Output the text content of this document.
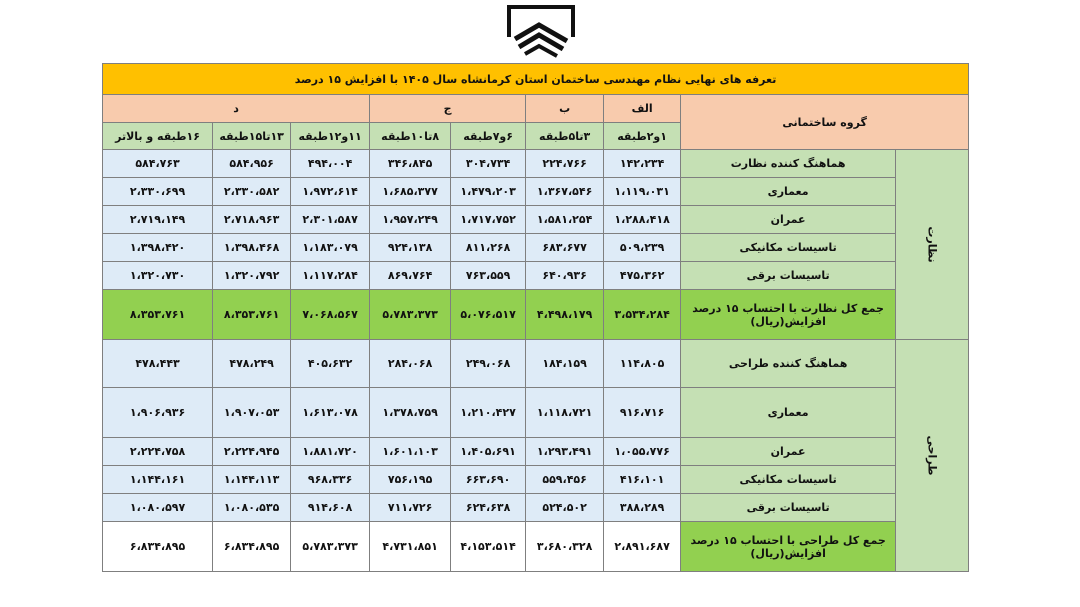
تعرفه های نهایی نظام مهندسی ساختمان استان کرمانشاه سال ۱۴۰۵ با افزایش ۱۵ درصد								
گروه ساختمانی		الف	ب	ج		د		
		۱و۲طبقه	۳تا۵طبقه	۶و۷طبقه	۸تا۱۰طبقه	۱۱و۱۲طبقه	۱۳تا۱۵طبقه	۱۶طبقه و بالاتر
نظارت	هماهنگ کننده نظارت	۱۴۲،۲۳۴	۲۲۴،۷۶۶	۳۰۴،۷۳۴	۳۴۶،۸۴۵	۴۹۴،۰۰۴	۵۸۴،۹۵۶	۵۸۴،۷۶۳
	معماری	۱،۱۱۹،۰۳۱	۱،۳۶۷،۵۴۶	۱،۴۷۹،۲۰۳	۱،۶۸۵،۳۷۷	۱،۹۷۲،۶۱۴	۲،۳۳۰،۵۸۲	۲،۳۳۰،۶۹۹
	عمران	۱،۲۸۸،۴۱۸	۱،۵۸۱،۲۵۴	۱،۷۱۷،۷۵۲	۱،۹۵۷،۲۴۹	۲،۳۰۱،۵۸۷	۲،۷۱۸،۹۶۳	۲،۷۱۹،۱۴۹
	تاسیسات مکانیکی	۵۰۹،۲۳۹	۶۸۳،۶۷۷	۸۱۱،۲۶۸	۹۲۴،۱۳۸	۱،۱۸۳،۰۷۹	۱،۳۹۸،۴۶۸	۱،۳۹۸،۴۲۰
	تاسیسات برقی	۴۷۵،۳۶۲	۶۴۰،۹۳۶	۷۶۳،۵۵۹	۸۶۹،۷۶۴	۱،۱۱۷،۲۸۴	۱،۳۲۰،۷۹۲	۱،۳۲۰،۷۳۰
	جمع کل نظارت با احتساب ۱۵ درصد افزایش(ریال)	۳،۵۳۴،۲۸۴	۴،۴۹۸،۱۷۹	۵،۰۷۶،۵۱۷	۵،۷۸۳،۳۷۳	۷،۰۶۸،۵۶۷	۸،۳۵۳،۷۶۱	۸،۳۵۳،۷۶۱
طراحی	هماهنگ کننده طراحی	۱۱۴،۸۰۵	۱۸۴،۱۵۹	۲۴۹،۰۶۸	۲۸۴،۰۶۸	۴۰۵،۶۳۲	۴۷۸،۲۴۹	۴۷۸،۴۴۳
	معماری	۹۱۶،۷۱۶	۱،۱۱۸،۷۲۱	۱،۲۱۰،۴۲۷	۱،۳۷۸،۷۵۹	۱،۶۱۳،۰۷۸	۱،۹۰۷،۰۵۳	۱،۹۰۶،۹۳۶
	عمران	۱،۰۵۵،۷۷۶	۱،۲۹۳،۴۹۱	۱،۴۰۵،۶۹۱	۱،۶۰۱،۱۰۳	۱،۸۸۱،۷۲۰	۲،۲۲۴،۹۴۵	۲،۲۲۴،۷۵۸
	تاسیسات مکانیکی	۴۱۶،۱۰۱	۵۵۹،۴۵۶	۶۶۳،۶۹۰	۷۵۶،۱۹۵	۹۶۸،۳۳۶	۱،۱۴۴،۱۱۳	۱،۱۴۴،۱۶۱
	تاسیسات برقی	۳۸۸،۲۸۹	۵۲۴،۵۰۲	۶۲۴،۶۳۸	۷۱۱،۷۲۶	۹۱۴،۶۰۸	۱،۰۸۰،۵۳۵	۱،۰۸۰،۵۹۷
	جمع کل طراحی با احتساب ۱۵ درصد افزایش(ریال)	۲،۸۹۱،۶۸۷	۳،۶۸۰،۳۲۸	۴،۱۵۳،۵۱۴	۴،۷۳۱،۸۵۱	۵،۷۸۳،۳۷۳	۶،۸۳۴،۸۹۵	۶،۸۳۴،۸۹۵
